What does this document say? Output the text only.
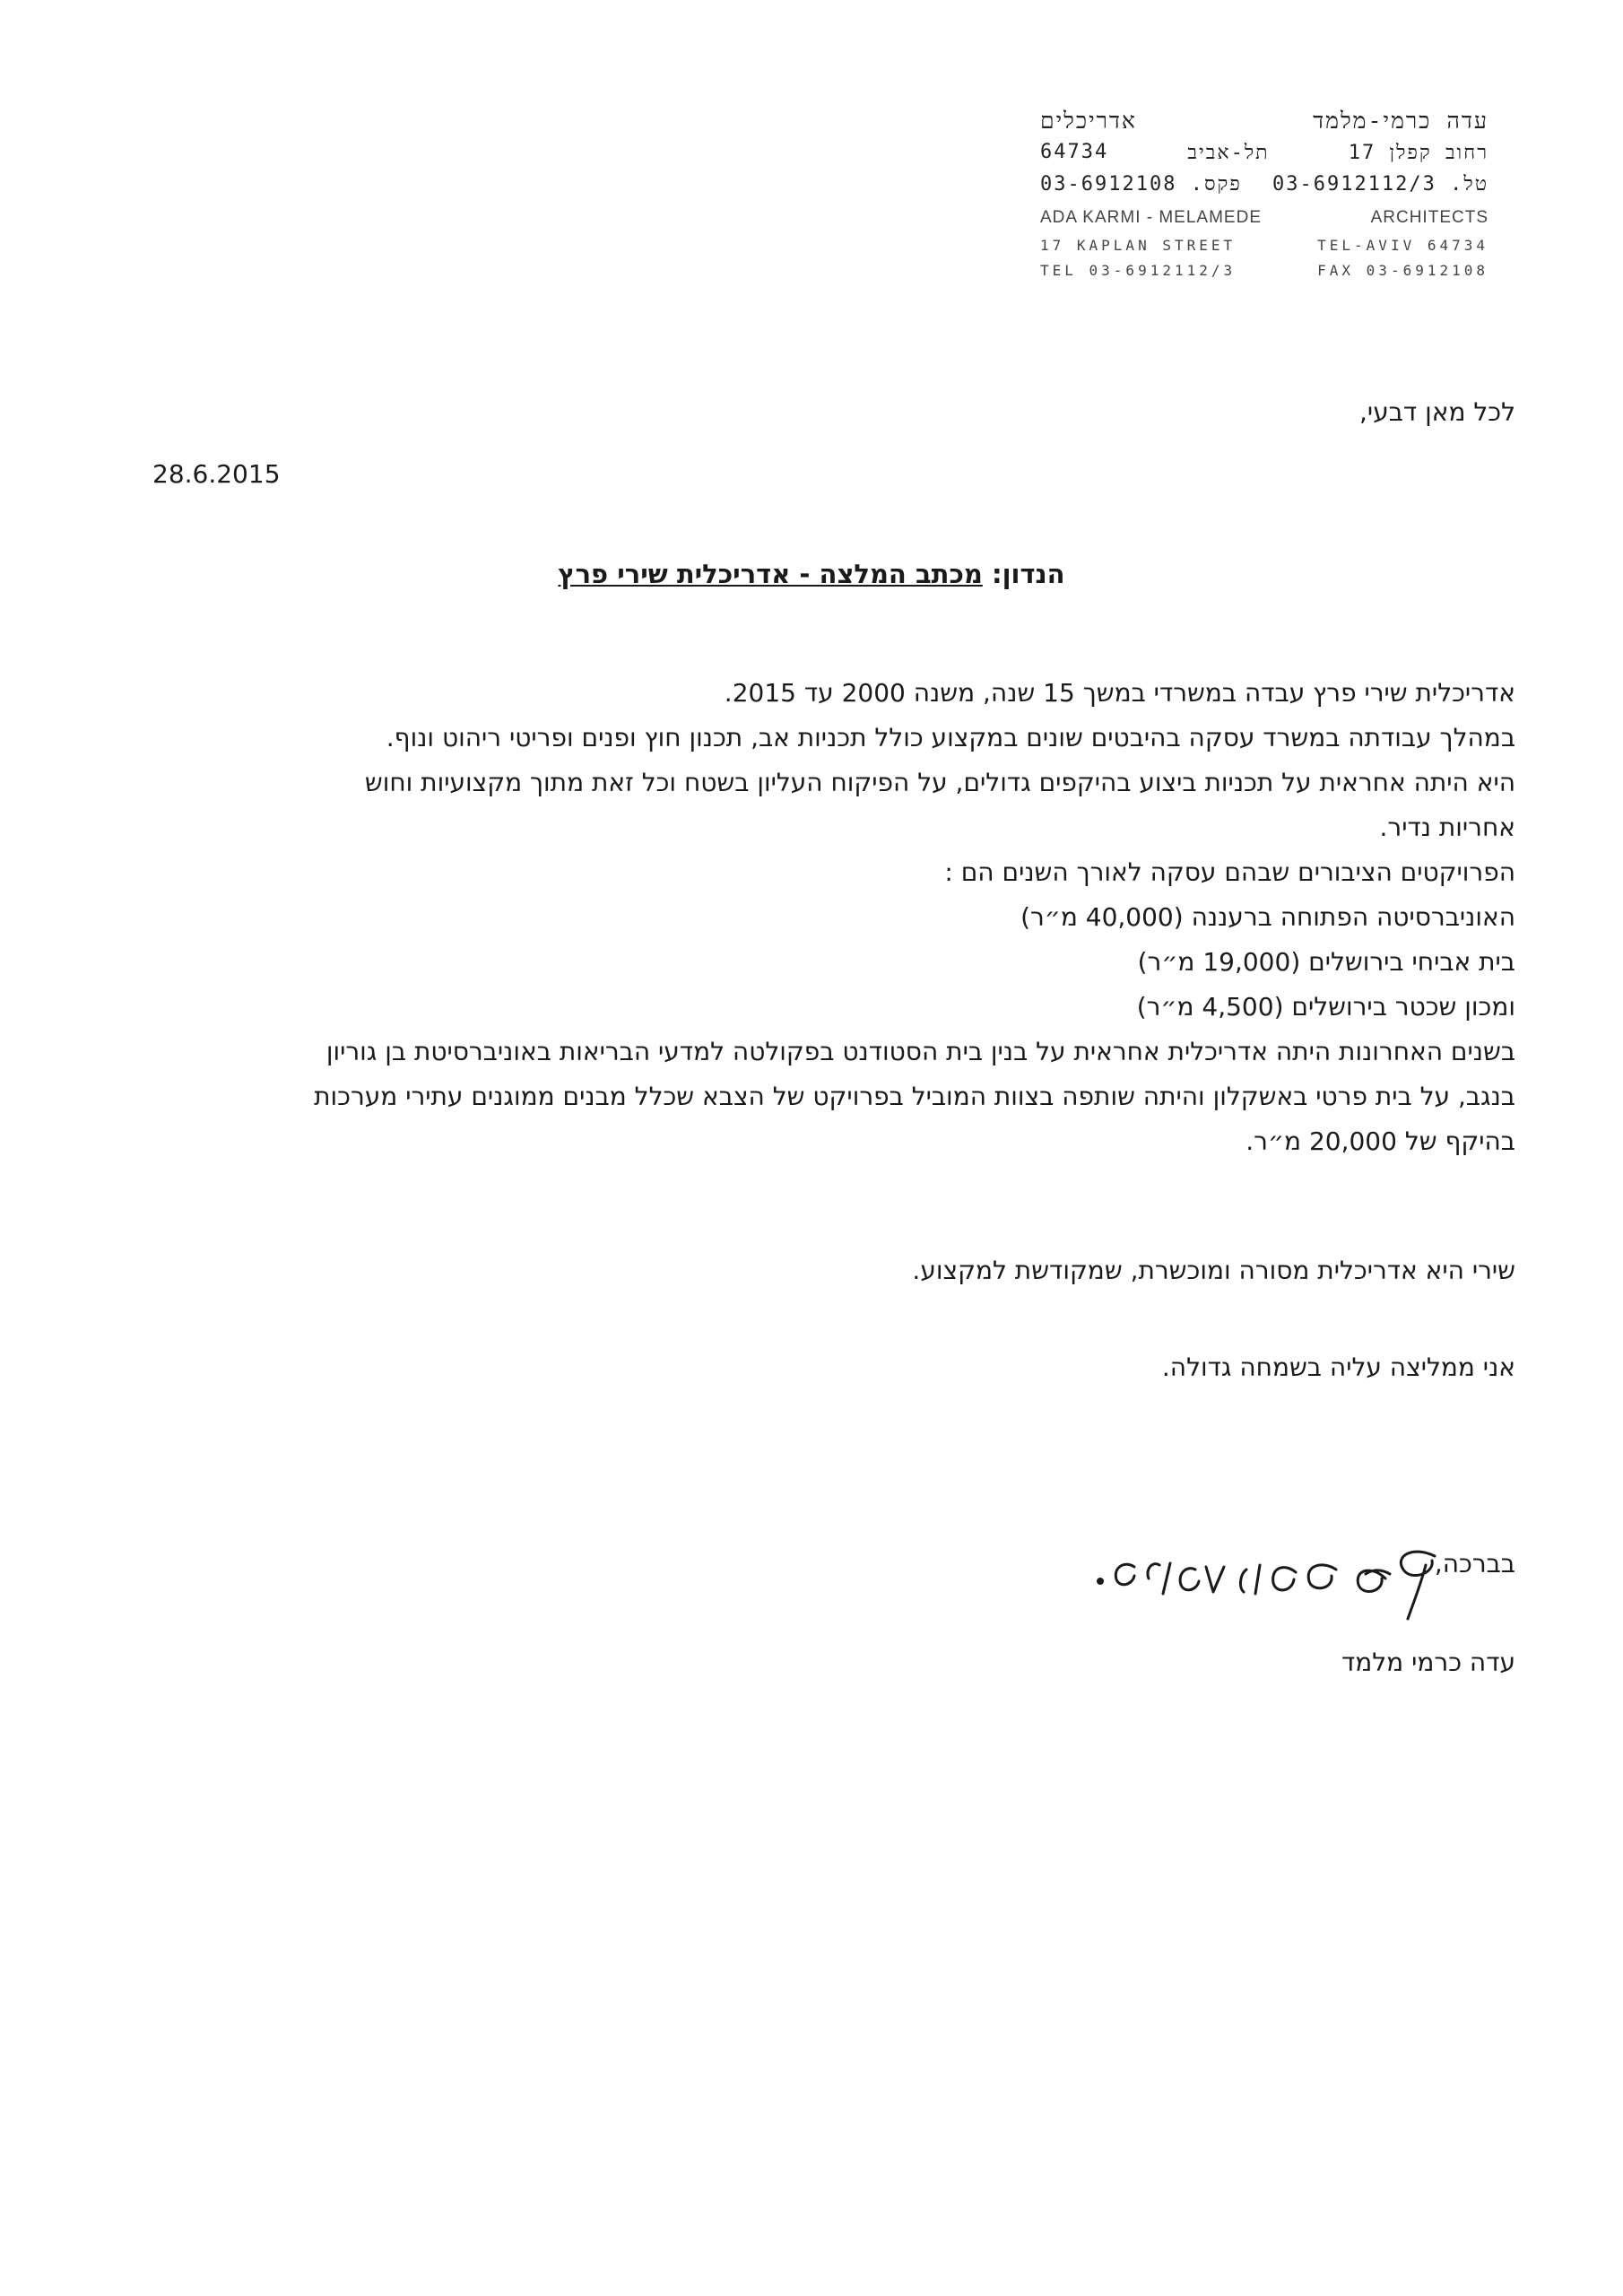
עדה כרמי-מלמד
אדריכלים

רחוב קפלן 17
תל-אביב
64734

טל. 03-6912112/3
פקס. 03-6912108

ADA KARMI - MELAMEDE	ARCHITECTS

17 KAPLAN STREET	TEL-AVIV 64734

TEL 03-6912112/3	FAX 03-6912108

לכל מאן דבעי,
28.6.2015
הנדון: מכתב המלצה - אדריכלית שירי פרץ

אדריכלית שירי פרץ עבדה במשרדי במשך 15 שנה, משנה 2000 עד 2015.

במהלך עבודתה במשרד עסקה בהיבטים שונים במקצוע כולל תכניות אב, תכנון חוץ ופנים ופריטי ריהוט ונוף.

היא היתה אחראית על תכניות ביצוע בהיקפים גדולים, על הפיקוח העליון בשטח וכל זאת מתוך מקצועיות וחוש

אחריות נדיר.

הפרויקטים הציבורים שבהם עסקה לאורך השנים הם :

האוניברסיטה הפתוחה ברעננה (40,000 מ״ר)

בית אביחי בירושלים (19,000 מ״ר)

ומכון שכטר בירושלים (4,500 מ״ר)

בשנים האחרונות היתה אדריכלית אחראית על בנין בית הסטודנט בפקולטה למדעי הבריאות באוניברסיטת בן גוריון

בנגב, על בית פרטי באשקלון והיתה שותפה בצוות המוביל בפרויקט של הצבא שכלל מבנים ממוגנים עתירי מערכות

בהיקף של 20,000 מ״ר.

שירי היא אדריכלית מסורה ומוכשרת, שמקודשת למקצוע.
אני ממליצה עליה בשמחה גדולה.
בברכה,
עדה כרמי מלמד
